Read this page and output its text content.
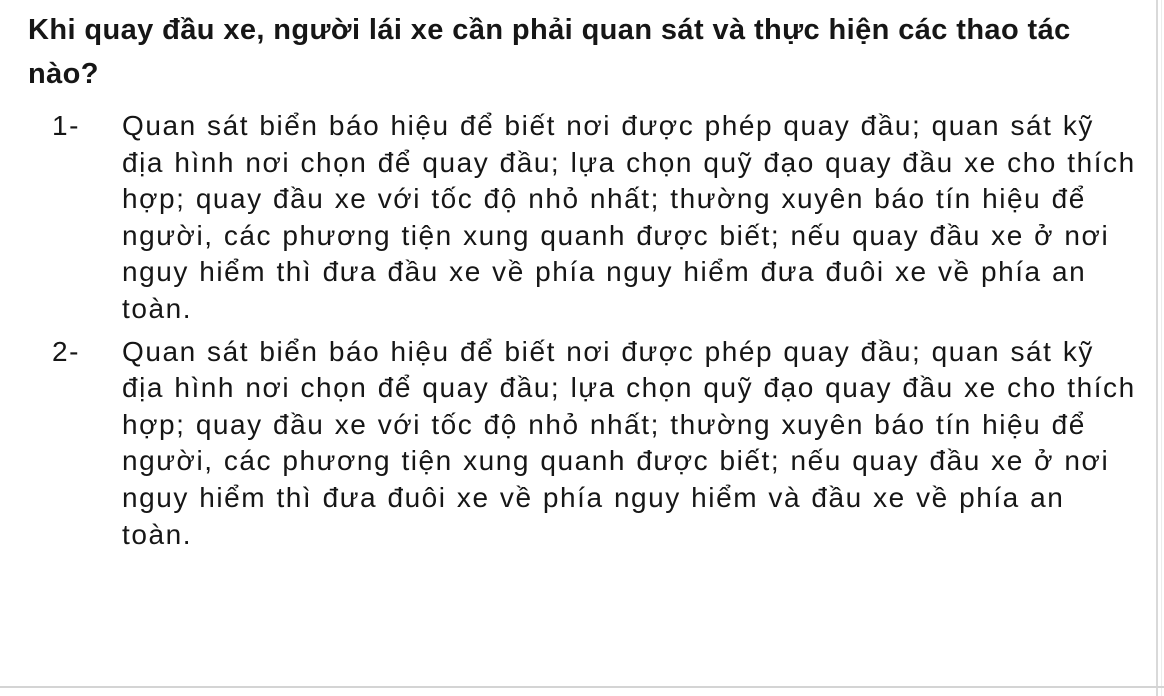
Khi quay đầu xe, người lái xe cần phải quan sát và thực hiện các thao tác nào?

1-	Quan sát biển báo hiệu để biết nơi được phép quay đầu; quan sát kỹ địa hình nơi chọn để quay đầu; lựa chọn quỹ đạo quay đầu xe cho thích hợp; quay đầu xe với tốc độ nhỏ nhất; thường xuyên báo tín hiệu để người, các phương tiện xung quanh được biết; nếu quay đầu xe ở nơi nguy hiểm thì đưa đầu xe về phía nguy hiểm đưa đuôi xe về phía an toàn.
2-	Quan sát biển báo hiệu để biết nơi được phép quay đầu; quan sát kỹ địa hình nơi chọn để quay đầu; lựa chọn quỹ đạo quay đầu xe cho thích hợp; quay đầu xe với tốc độ nhỏ nhất; thường xuyên báo tín hiệu để người, các phương tiện xung quanh được biết; nếu quay đầu xe ở nơi nguy hiểm thì đưa đuôi xe về phía nguy hiểm và đầu xe về phía an toàn.
